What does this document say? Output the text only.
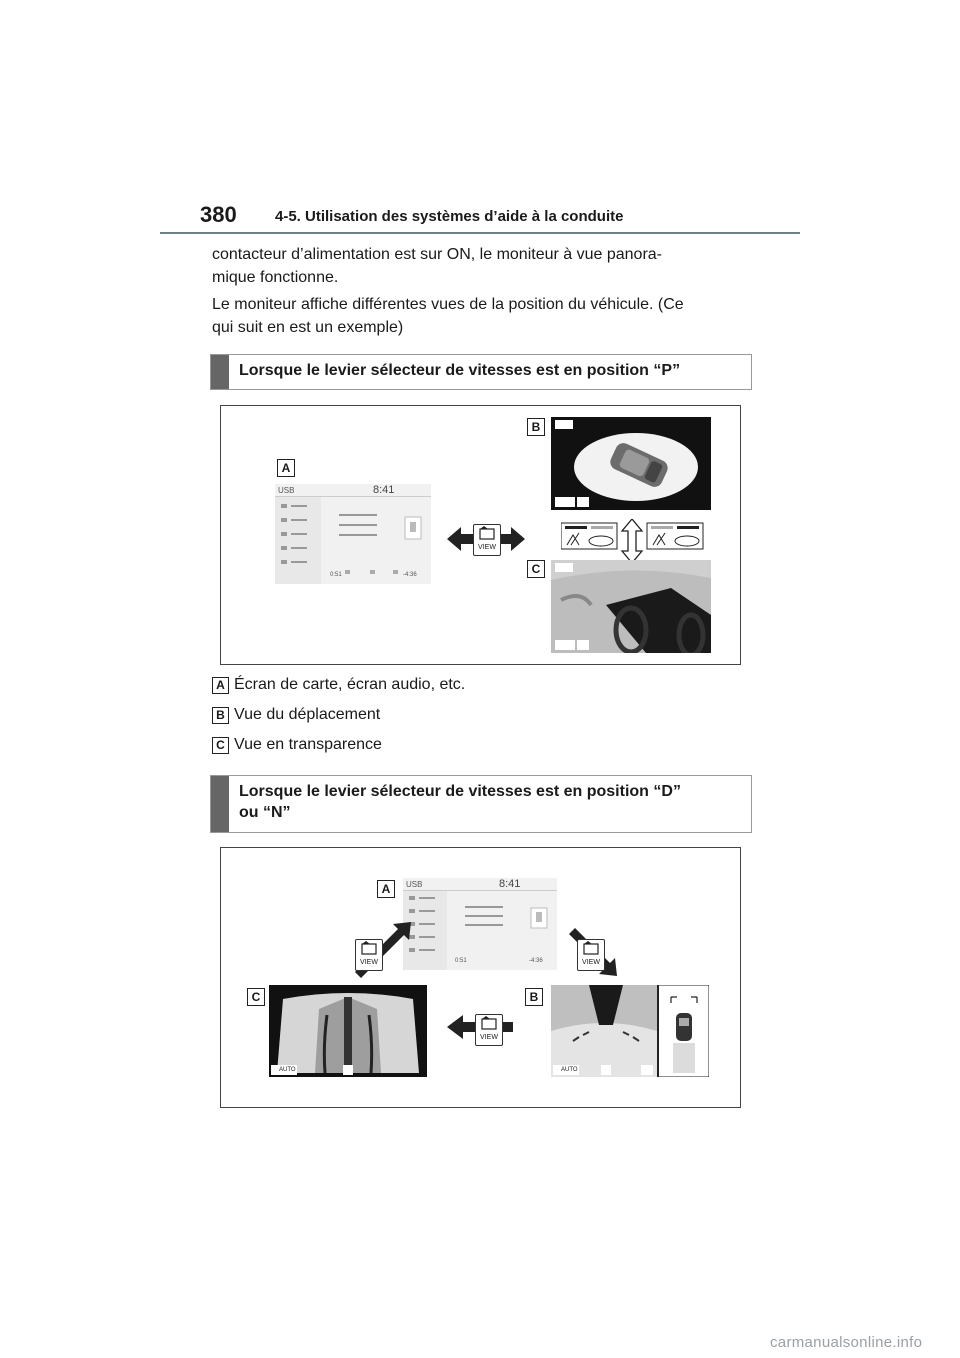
380	4-5. Utilisation des systèmes d’aide à la conduite
contacteur d’alimentation est sur ON, le moniteur à vue panora-
mique fonctionne.
Le moniteur affiche différentes vues de la position du véhicule. (Ce
qui suit en est un exemple)
Lorsque le levier sélecteur de vitesses est en position “P”
A
USB	8:41
0:51	-4:36
VIEW
B
C
A Écran de carte, écran audio, etc.
B Vue du déplacement
C Vue en transparence
Lorsque le levier sélecteur de vitesses est en position “D”
ou “N”
A	USB	8:41
0:51	-4:36
VIEW	VIEW
C
AUTO
VIEW
B
AUTO
carmanualsonline.info
